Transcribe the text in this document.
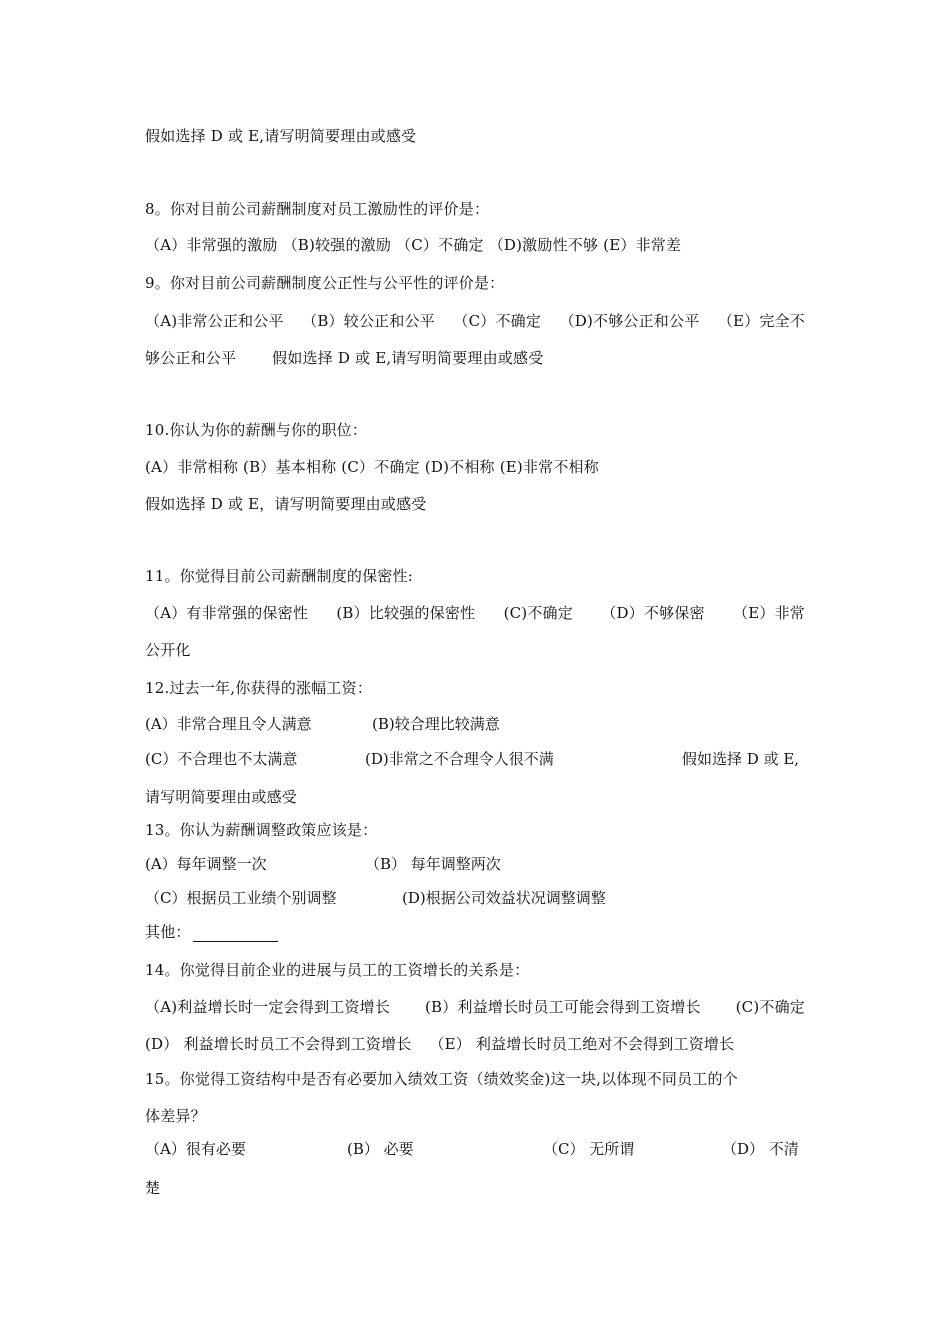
假如选择 D 或 E,请写明简要理由或感受
8。你对目前公司薪酬制度对员工激励性的评价是：
（A）非常强的激励 （B)较强的激励 （C）不确定 （D)激励性不够 (E）非常差
9。你对目前公司薪酬制度公正性与公平性的评价是：
（A)非常公正和公平 （B）较公正和公平 （C）不确定 （D)不够公正和公平 （E）完全不
够公正和公平 假如选择 D 或 E,请写明简要理由或感受
10.你认为你的薪酬与你的职位：
(A）非常相称 (B）基本相称 (C）不确定 (D)不相称 (E)非常不相称
假如选择 D 或 E，请写明简要理由或感受
11。你觉得目前公司薪酬制度的保密性:
（A）有非常强的保密性 (B）比较强的保密性 (C)不确定 （D）不够保密 （E）非常
公开化
12.过去一年,你获得的涨幅工资：
(A）非常合理且令人满意	(B)较合理比较满意
(C）不合理也不太满意	(D)非常之不合理令人很不满	假如选择 D 或 E,
请写明简要理由或感受
13。你认为薪酬调整政策应该是：
(A）每年调整一次	（B） 每年调整两次
（C）根据员工业绩个别调整	(D)根据公司效益状况调整调整
其他：
14。你觉得目前企业的进展与员工的工资增长的关系是：
（A)利益增长时一定会得到工资增长 (B）利益增长时员工可能会得到工资增长 (C)不确定
(D） 利益增长时员工不会得到工资增长 （E） 利益增长时员工绝对不会得到工资增长
15。你觉得工资结构中是否有必要加入绩效工资（绩效奖金)这一块,以体现不同员工的个
体差异？
（A）很有必要	(B） 必要	（C） 无所谓	（D） 不清
楚
